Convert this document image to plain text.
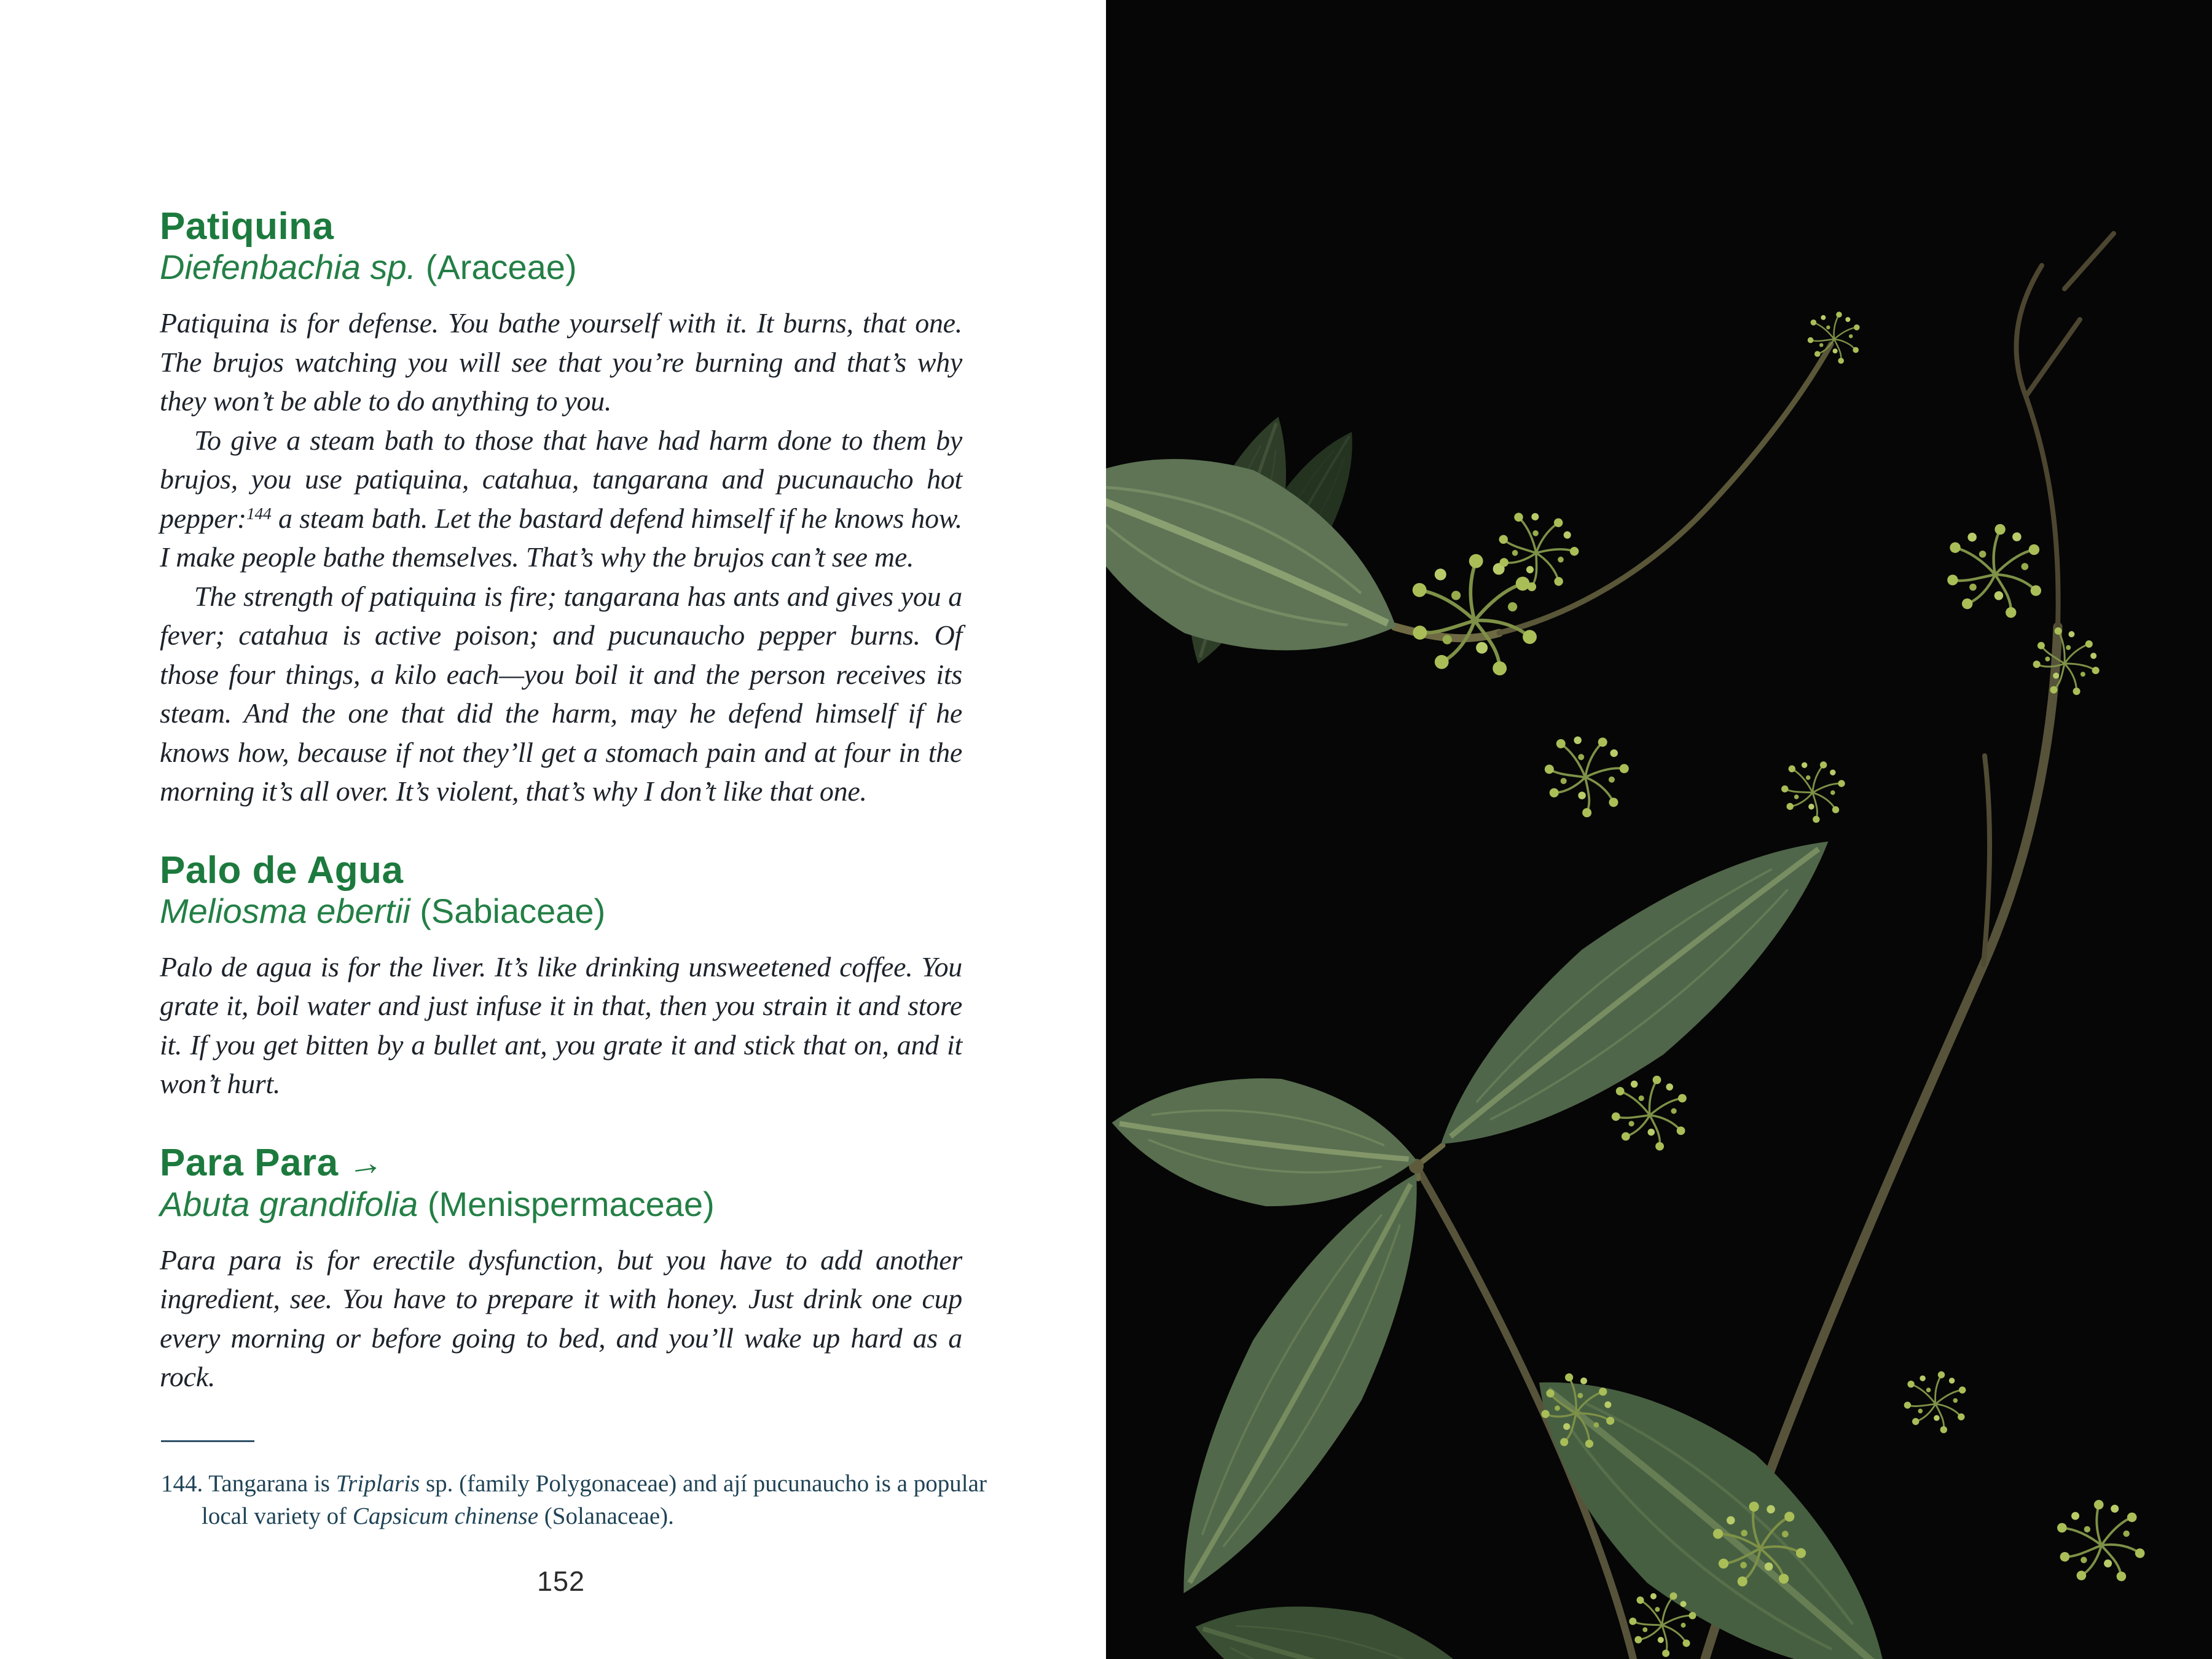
Patiquina

Diefenbachia sp. (Araceae)

Patiquina is for defense. You bathe yourself with it. It burns, that one. The brujos watching you will see that you’re burning and that’s why they won’t be able to do anything to you.

To give a steam bath to those that have had harm done to them by brujos, you use patiquina, catahua, tangarana and pucunaucho hot pepper:$^{144}$ a steam bath. Let the bastard defend himself if he knows how. I make people bathe themselves. That’s why the brujos can’t see me.

The strength of patiquina is fire; tangarana has ants and gives you a fever; catahua is active poison; and pucunaucho pepper burns. Of those four things, a kilo each—you boil it and the person receives its steam. And the one that did the harm, may he defend himself if he knows how, because if not they’ll get a stomach pain and at four in the morning it’s all over. It’s violent, that’s why I don’t like that one.

Palo de Agua

Meliosma ebertii (Sabiaceae)

Palo de agua is for the liver. It’s like drinking unsweetened coffee. You grate it, boil water and just infuse it in that, then you strain it and store it. If you get bitten by a bullet ant, you grate it and stick that on, and it won’t hurt.

Para Para →

Abuta grandifolia (Menispermaceae)

Para para is for erectile dysfunction, but you have to add another ingredient, see. You have to prepare it with honey. Just drink one cup every morning or before going to bed, and you’ll wake up hard as a rock.

144. Tangarana is Triplaris sp. (family Polygonaceae) and ají pucunaucho is a popular local variety of Capsicum chinense (Solanaceae).

152
